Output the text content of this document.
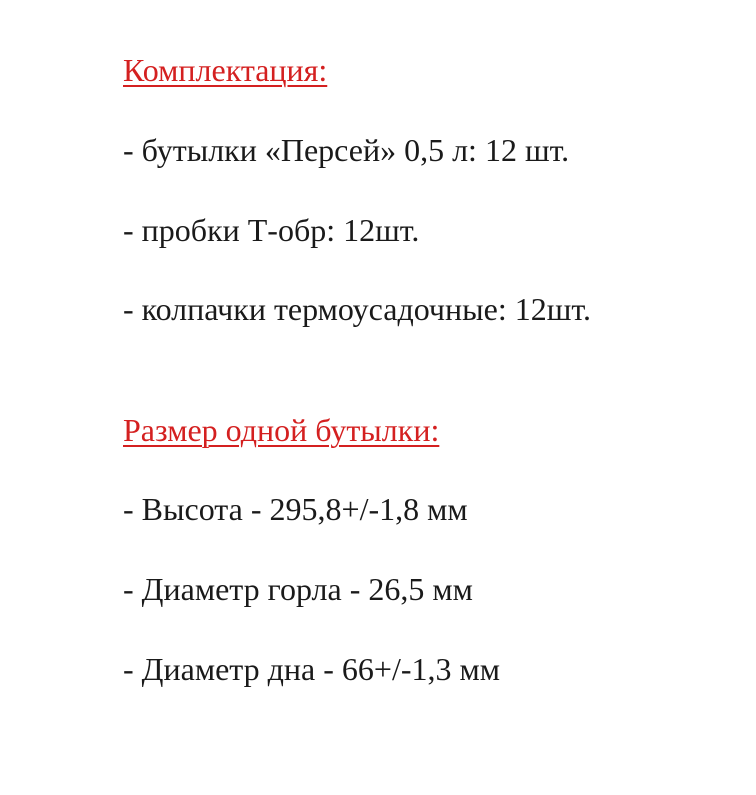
Комплектация:
- бутылки «Персей» 0,5 л: 12 шт.
- пробки Т-обр: 12шт.
- колпачки термоусадочные: 12шт.
Размер одной бутылки:
- Высота - 295,8+/-1,8 мм
- Диаметр горла - 26,5 мм
- Диаметр дна - 66+/-1,3 мм
